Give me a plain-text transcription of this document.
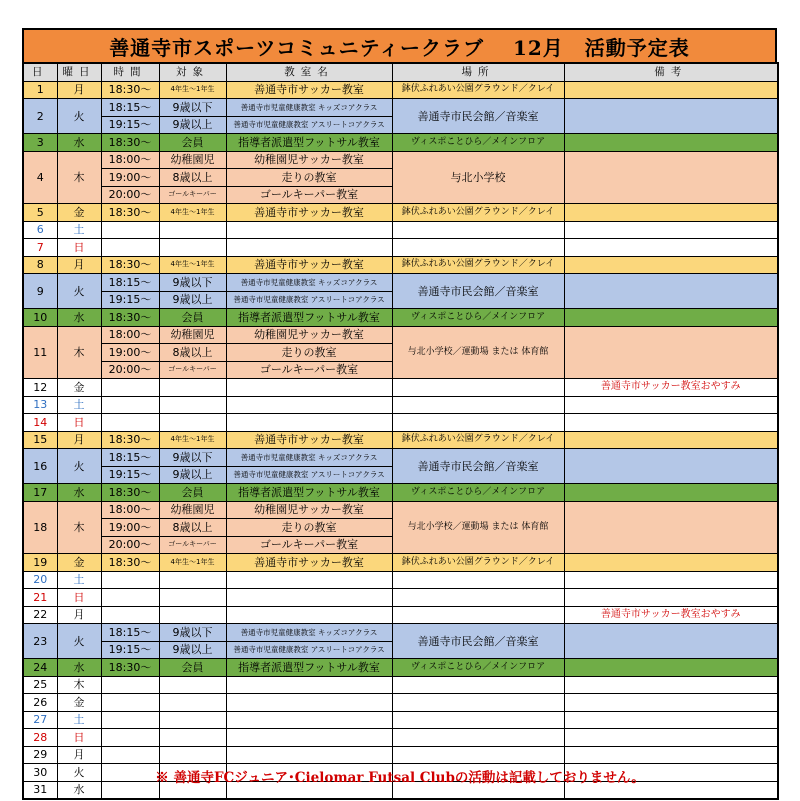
善通寺市スポーツコミュニティークラブ　 12月　活動予定表
日	曜日	時間	対象	教室名	場所	備考
1	月	18:30～	4年生～1年生	善通寺市サッカー教室	鉢伏ふれあい公園グラウンド／クレイ	
2	火	18:15～	9歳以下	善通寺市児童健康教室 キッズコアクラス	善通寺市民会館／音楽室	
		19:15～	9歳以上	善通寺市児童健康教室 アスリートコアクラス		
3	水	18:30～	会員	指導者派遣型フットサル教室	ヴィスポことひら／メインフロア	
4	木	18:00～	幼稚園児	幼稚園児サッカー教室	与北小学校	
		19:00～	8歳以上	走りの教室		
		20:00～	ゴールキーパー	ゴールキーパー教室		
5	金	18:30～	4年生～1年生	善通寺市サッカー教室	鉢伏ふれあい公園グラウンド／クレイ	
6	土					
7	日					
8	月	18:30～	4年生～1年生	善通寺市サッカー教室	鉢伏ふれあい公園グラウンド／クレイ	
9	火	18:15～	9歳以下	善通寺市児童健康教室 キッズコアクラス	善通寺市民会館／音楽室	
		19:15～	9歳以上	善通寺市児童健康教室 アスリートコアクラス		
10	水	18:30～	会員	指導者派遣型フットサル教室	ヴィスポことひら／メインフロア	
11	木	18:00～	幼稚園児	幼稚園児サッカー教室	与北小学校／運動場 または 体育館	
		19:00～	8歳以上	走りの教室		
		20:00～	ゴールキーパー	ゴールキーパー教室		
12	金					善通寺市サッカー教室おやすみ
13	土					
14	日					
15	月	18:30～	4年生～1年生	善通寺市サッカー教室	鉢伏ふれあい公園グラウンド／クレイ	
16	火	18:15～	9歳以下	善通寺市児童健康教室 キッズコアクラス	善通寺市民会館／音楽室	
		19:15～	9歳以上	善通寺市児童健康教室 アスリートコアクラス		
17	水	18:30～	会員	指導者派遣型フットサル教室	ヴィスポことひら／メインフロア	
18	木	18:00～	幼稚園児	幼稚園児サッカー教室	与北小学校／運動場 または 体育館	
		19:00～	8歳以上	走りの教室		
		20:00～	ゴールキーパー	ゴールキーパー教室		
19	金	18:30～	4年生～1年生	善通寺市サッカー教室	鉢伏ふれあい公園グラウンド／クレイ	
20	土					
21	日					
22	月					善通寺市サッカー教室おやすみ
23	火	18:15～	9歳以下	善通寺市児童健康教室 キッズコアクラス	善通寺市民会館／音楽室	
		19:15～	9歳以上	善通寺市児童健康教室 アスリートコアクラス		
24	水	18:30～	会員	指導者派遣型フットサル教室	ヴィスポことひら／メインフロア	
25	木					
26	金					
27	土					
28	日					
29	月					
30	火					
31	水					
※ 善通寺FCジュニア･Cielomar Futsal Clubの活動は記載しておりません。
